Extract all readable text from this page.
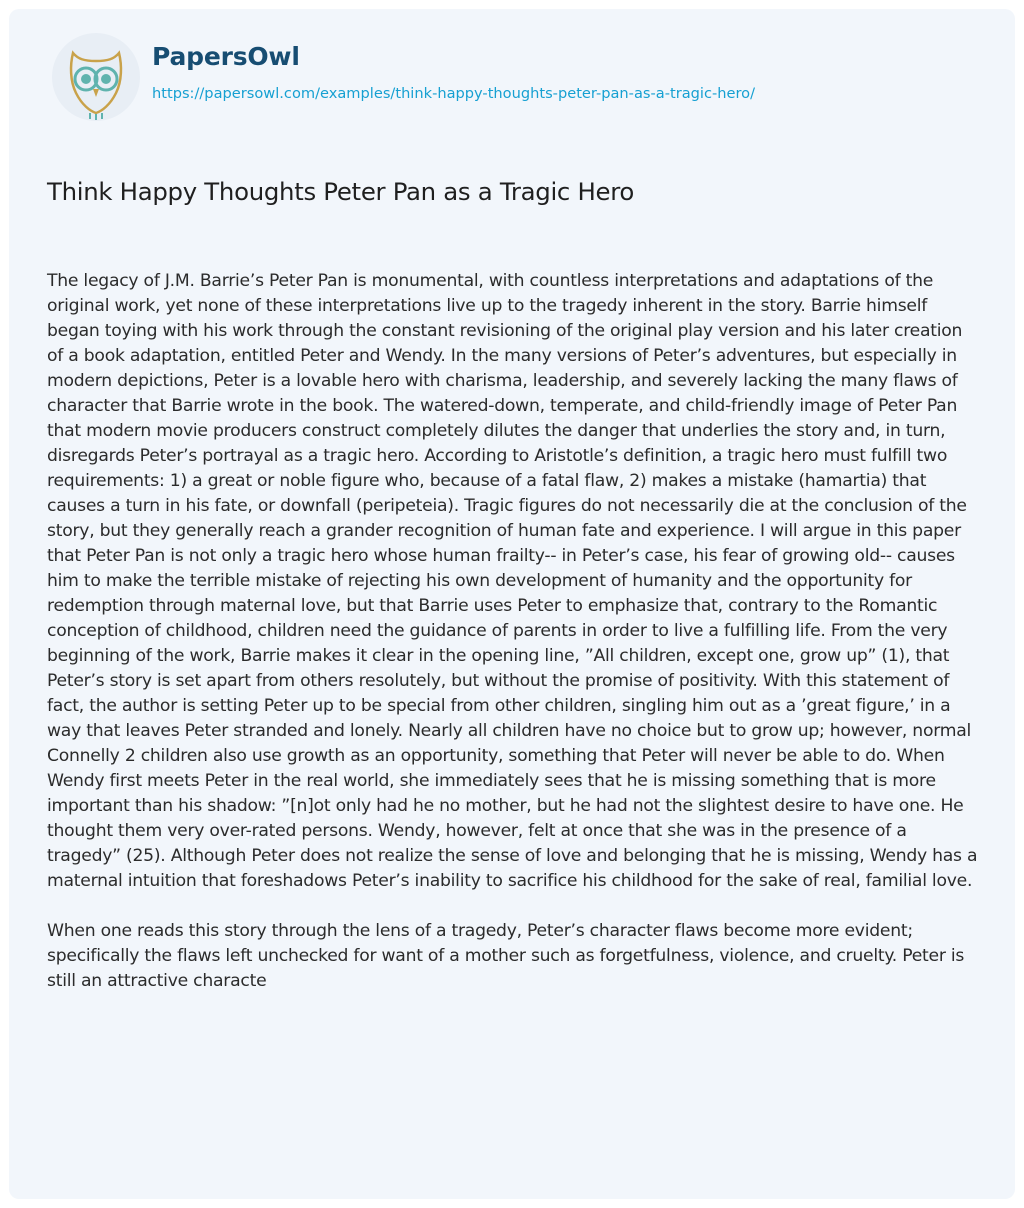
PapersOwl
https://papersowl.com/examples/think-happy-thoughts-peter-pan-as-a-tragic-hero/
Think Happy Thoughts Peter Pan as a Tragic Hero

The legacy of J.M. Barrie’s Peter Pan is monumental, with countless interpretations and adaptations of the original work, yet none of these interpretations live up to the tragedy inherent in the story. Barrie himself began toying with his work through the constant revisioning of the original play version and his later creation of a book adaptation, entitled Peter and Wendy. In the many versions of Peter’s adventures, but especially in modern depictions, Peter is a lovable hero with charisma, leadership, and severely lacking the many flaws of character that Barrie wrote in the book. The watered-down, temperate, and child-friendly image of Peter Pan that modern movie producers construct completely dilutes the danger that underlies the story and, in turn, disregards Peter’s portrayal as a tragic hero. According to Aristotle’s definition, a tragic hero must fulfill two requirements: 1) a great or noble figure who, because of a fatal flaw, 2) makes a mistake (hamartia) that causes a turn in his fate, or downfall (peripeteia). Tragic figures do not necessarily die at the conclusion of the story, but they generally reach a grander recognition of human fate and experience. I will argue in this paper that Peter Pan is not only a tragic hero whose human frailty-- in Peter’s case, his fear of growing old-- causes him to make the terrible mistake of rejecting his own development of humanity and the opportunity for redemption through maternal love, but that Barrie uses Peter to emphasize that, contrary to the Romantic conception of childhood, children need the guidance of parents in order to live a fulfilling life. From the very beginning of the work, Barrie makes it clear in the opening line, ”All children, except one, grow up” (1), that Peter’s story is set apart from others resolutely, but without the promise of positivity. With this statement of fact, the author is setting Peter up to be special from other children, singling him out as a ’great figure,’ in a way that leaves Peter stranded and lonely. Nearly all children have no choice but to grow up; however, normal Connelly 2 children also use growth as an opportunity, something that Peter will never be able to do. When Wendy first meets Peter in the real world, she immediately sees that he is missing something that is more important than his shadow: ”[n]ot only had he no mother, but he had not the slightest desire to have one. He thought them very over-rated persons. Wendy, however, felt at once that she was in the presence of a tragedy” (25). Although Peter does not realize the sense of love and belonging that he is missing, Wendy has a maternal intuition that foreshadows Peter’s inability to sacrifice his childhood for the sake of real, familial love.

When one reads this story through the lens of a tragedy, Peter’s character flaws become more evident; specifically the flaws left unchecked for want of a mother such as forgetfulness, violence, and cruelty. Peter is still an attractive characte
